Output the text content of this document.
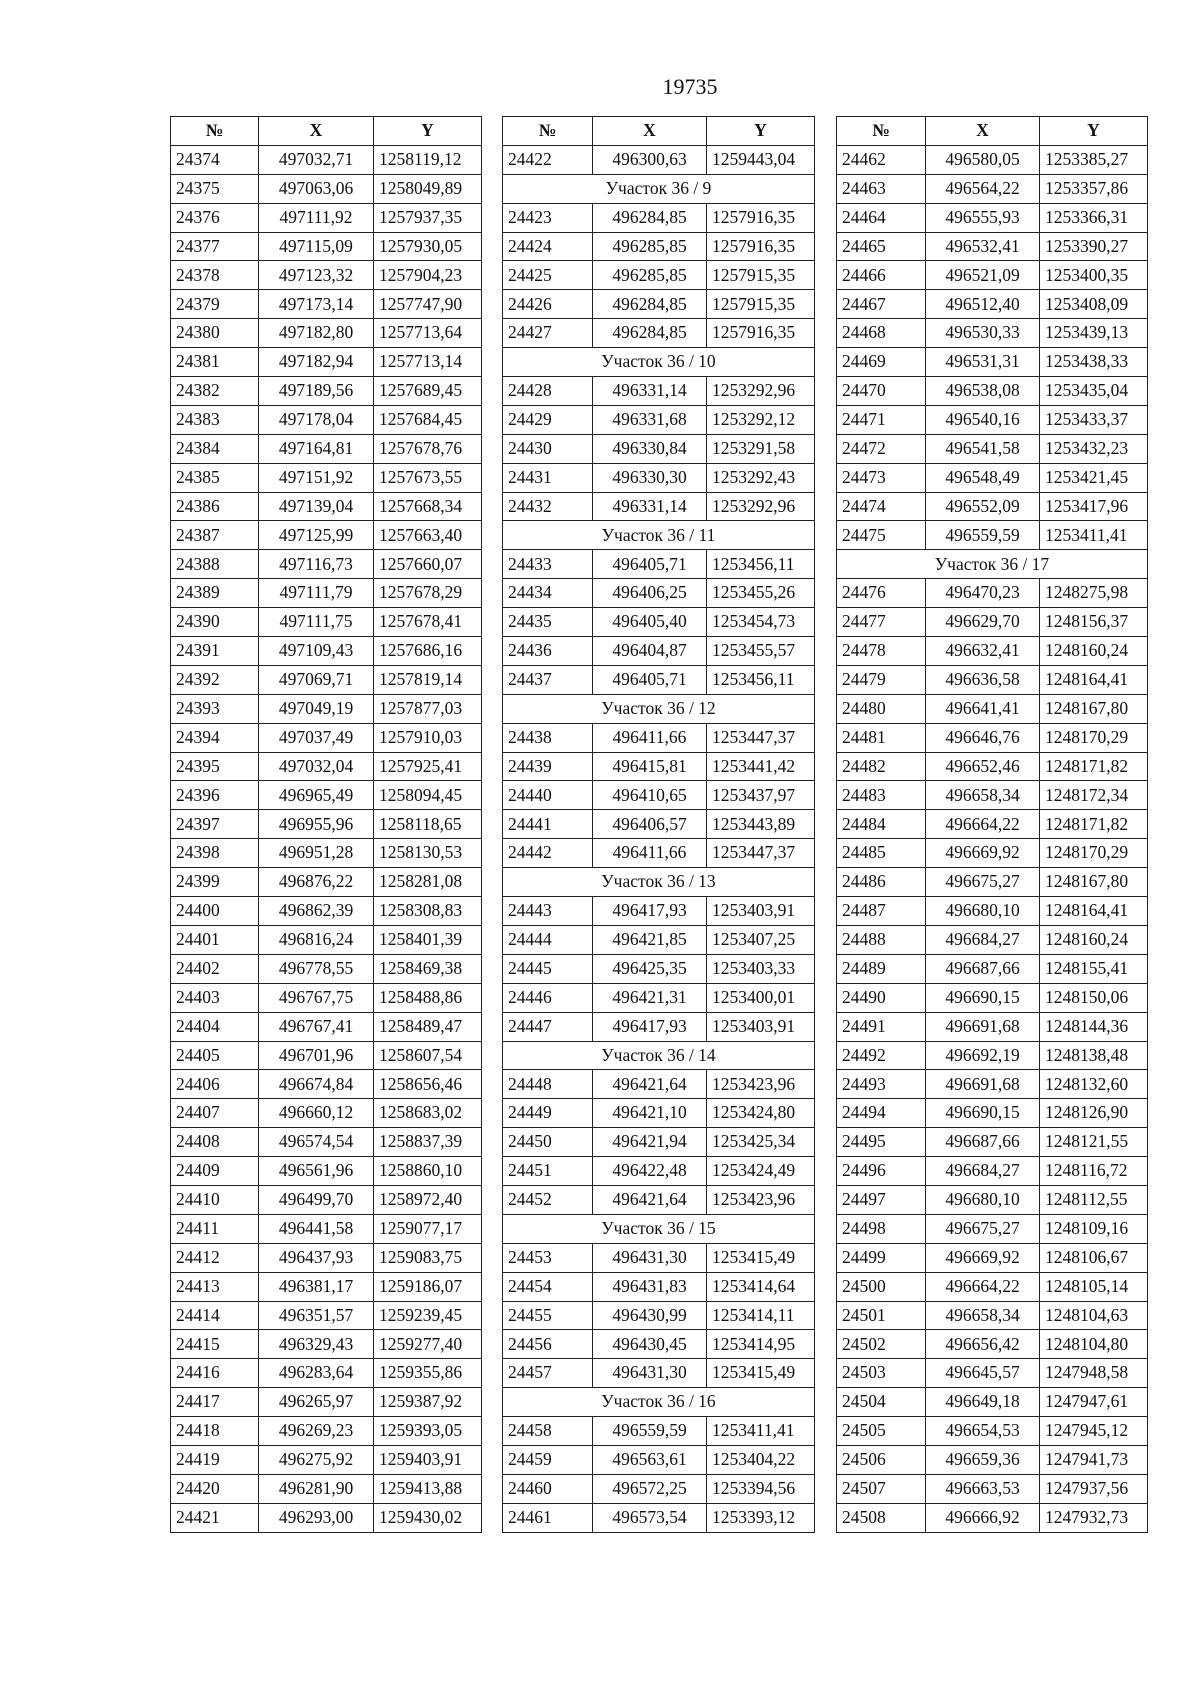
19735
№	X	Y
24374	497032,71	1258119,12
24375	497063,06	1258049,89
24376	497111,92	1257937,35
24377	497115,09	1257930,05
24378	497123,32	1257904,23
24379	497173,14	1257747,90
24380	497182,80	1257713,64
24381	497182,94	1257713,14
24382	497189,56	1257689,45
24383	497178,04	1257684,45
24384	497164,81	1257678,76
24385	497151,92	1257673,55
24386	497139,04	1257668,34
24387	497125,99	1257663,40
24388	497116,73	1257660,07
24389	497111,79	1257678,29
24390	497111,75	1257678,41
24391	497109,43	1257686,16
24392	497069,71	1257819,14
24393	497049,19	1257877,03
24394	497037,49	1257910,03
24395	497032,04	1257925,41
24396	496965,49	1258094,45
24397	496955,96	1258118,65
24398	496951,28	1258130,53
24399	496876,22	1258281,08
24400	496862,39	1258308,83
24401	496816,24	1258401,39
24402	496778,55	1258469,38
24403	496767,75	1258488,86
24404	496767,41	1258489,47
24405	496701,96	1258607,54
24406	496674,84	1258656,46
24407	496660,12	1258683,02
24408	496574,54	1258837,39
24409	496561,96	1258860,10
24410	496499,70	1258972,40
24411	496441,58	1259077,17
24412	496437,93	1259083,75
24413	496381,17	1259186,07
24414	496351,57	1259239,45
24415	496329,43	1259277,40
24416	496283,64	1259355,86
24417	496265,97	1259387,92
24418	496269,23	1259393,05
24419	496275,92	1259403,91
24420	496281,90	1259413,88
24421	496293,00	1259430,02
№	X	Y
24422	496300,63	1259443,04
Участок 36 / 9		
24423	496284,85	1257916,35
24424	496285,85	1257916,35
24425	496285,85	1257915,35
24426	496284,85	1257915,35
24427	496284,85	1257916,35
Участок 36 / 10		
24428	496331,14	1253292,96
24429	496331,68	1253292,12
24430	496330,84	1253291,58
24431	496330,30	1253292,43
24432	496331,14	1253292,96
Участок 36 / 11		
24433	496405,71	1253456,11
24434	496406,25	1253455,26
24435	496405,40	1253454,73
24436	496404,87	1253455,57
24437	496405,71	1253456,11
Участок 36 / 12		
24438	496411,66	1253447,37
24439	496415,81	1253441,42
24440	496410,65	1253437,97
24441	496406,57	1253443,89
24442	496411,66	1253447,37
Участок 36 / 13		
24443	496417,93	1253403,91
24444	496421,85	1253407,25
24445	496425,35	1253403,33
24446	496421,31	1253400,01
24447	496417,93	1253403,91
Участок 36 / 14		
24448	496421,64	1253423,96
24449	496421,10	1253424,80
24450	496421,94	1253425,34
24451	496422,48	1253424,49
24452	496421,64	1253423,96
Участок 36 / 15		
24453	496431,30	1253415,49
24454	496431,83	1253414,64
24455	496430,99	1253414,11
24456	496430,45	1253414,95
24457	496431,30	1253415,49
Участок 36 / 16		
24458	496559,59	1253411,41
24459	496563,61	1253404,22
24460	496572,25	1253394,56
24461	496573,54	1253393,12
№	X	Y
24462	496580,05	1253385,27
24463	496564,22	1253357,86
24464	496555,93	1253366,31
24465	496532,41	1253390,27
24466	496521,09	1253400,35
24467	496512,40	1253408,09
24468	496530,33	1253439,13
24469	496531,31	1253438,33
24470	496538,08	1253435,04
24471	496540,16	1253433,37
24472	496541,58	1253432,23
24473	496548,49	1253421,45
24474	496552,09	1253417,96
24475	496559,59	1253411,41
Участок 36 / 17		
24476	496470,23	1248275,98
24477	496629,70	1248156,37
24478	496632,41	1248160,24
24479	496636,58	1248164,41
24480	496641,41	1248167,80
24481	496646,76	1248170,29
24482	496652,46	1248171,82
24483	496658,34	1248172,34
24484	496664,22	1248171,82
24485	496669,92	1248170,29
24486	496675,27	1248167,80
24487	496680,10	1248164,41
24488	496684,27	1248160,24
24489	496687,66	1248155,41
24490	496690,15	1248150,06
24491	496691,68	1248144,36
24492	496692,19	1248138,48
24493	496691,68	1248132,60
24494	496690,15	1248126,90
24495	496687,66	1248121,55
24496	496684,27	1248116,72
24497	496680,10	1248112,55
24498	496675,27	1248109,16
24499	496669,92	1248106,67
24500	496664,22	1248105,14
24501	496658,34	1248104,63
24502	496656,42	1248104,80
24503	496645,57	1247948,58
24504	496649,18	1247947,61
24505	496654,53	1247945,12
24506	496659,36	1247941,73
24507	496663,53	1247937,56
24508	496666,92	1247932,73
